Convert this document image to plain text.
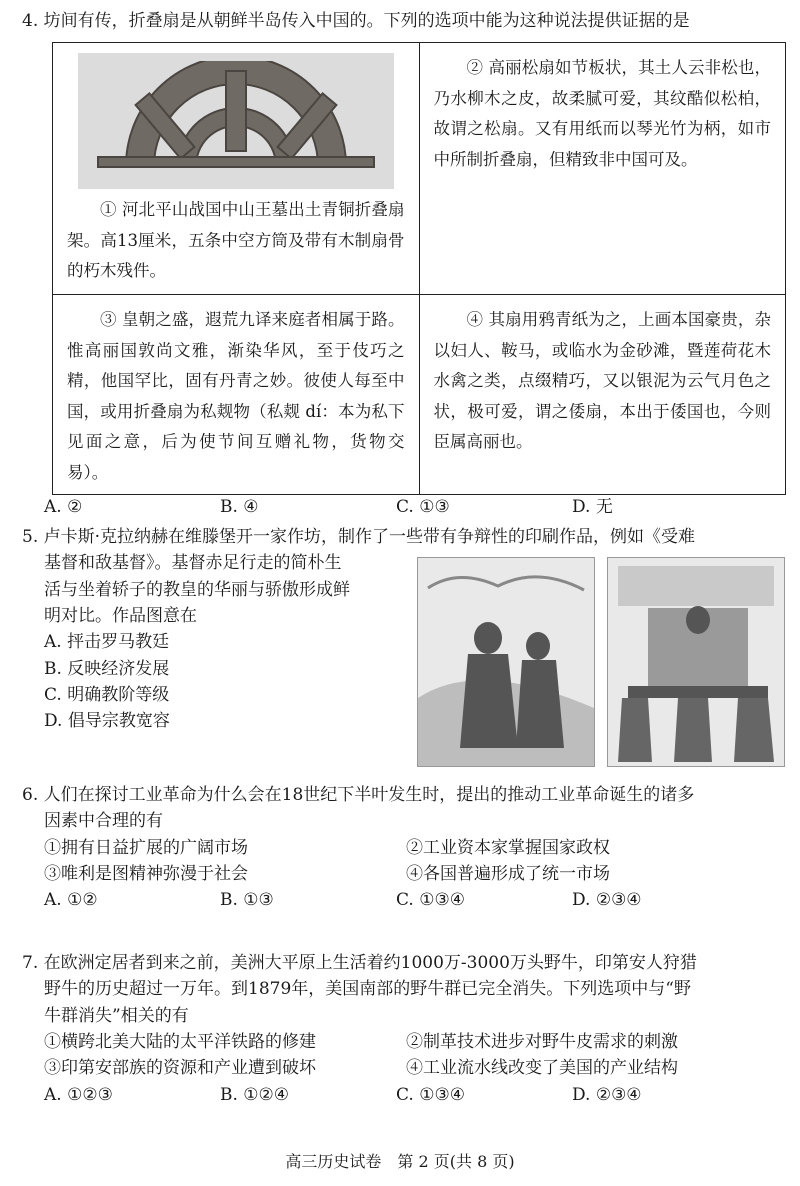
4. 坊间有传，折叠扇是从朝鲜半岛传入中国的。下列的选项中能为这种说法提供证据的是
① 河北平山战国中山王墓出土青铜折叠扇架。高13厘米，五条中空方筒及带有木制扇骨的朽木残件。	② 高丽松扇如节板状，其土人云非松也，乃水柳木之皮，故柔腻可爱，其纹酷似松柏，故谓之松扇。又有用纸而以琴光竹为柄，如市中所制折叠扇，但精致非中国可及。

③ 皇朝之盛，遐荒九译来庭者相属于路。惟高丽国敦尚文雅，渐染华风，至于伎巧之精，他国罕比，固有丹青之妙。彼使人每至中国，或用折叠扇为私觌物（私觌 dí：本为私下见面之意，后为使节间互赠礼物，货物交易）。	④ 其扇用鸦青纸为之，上画本国豪贵，杂以妇人、鞍马，或临水为金砂滩，暨莲荷花木水禽之类，点缀精巧，又以银泥为云气月色之状，极可爱，谓之倭扇，本出于倭国也，今则臣属高丽也。
A. ②	B. ④	C. ①③	D. 无
5. 卢卡斯·克拉纳赫在维滕堡开一家作坊，制作了一些带有争辩性的印刷作品，例如《受难
基督和敌基督》。基督赤足行走的简朴生
活与坐着轿子的教皇的华丽与骄傲形成鲜
明对比。作品图意在
A. 抨击罗马教廷
B. 反映经济发展
C. 明确教阶等级
D. 倡导宗教宽容
6. 人们在探讨工业革命为什么会在18世纪下半叶发生时，提出的推动工业革命诞生的诸多
因素中合理的有
①拥有日益扩展的广阔市场	②工业资本家掌握国家政权
③唯利是图精神弥漫于社会	④各国普遍形成了统一市场
A. ①②	B. ①③	C. ①③④	D. ②③④
7. 在欧洲定居者到来之前，美洲大平原上生活着约1000万-3000万头野牛，印第安人狩猎
野牛的历史超过一万年。到1879年，美国南部的野牛群已完全消失。下列选项中与“野
牛群消失”相关的有
①横跨北美大陆的太平洋铁路的修建	②制革技术进步对野牛皮需求的刺激
③印第安部族的资源和产业遭到破坏	④工业流水线改变了美国的产业结构
A. ①②③	B. ①②④	C. ①③④	D. ②③④
高三历史试卷　第 2 页(共 8 页)
